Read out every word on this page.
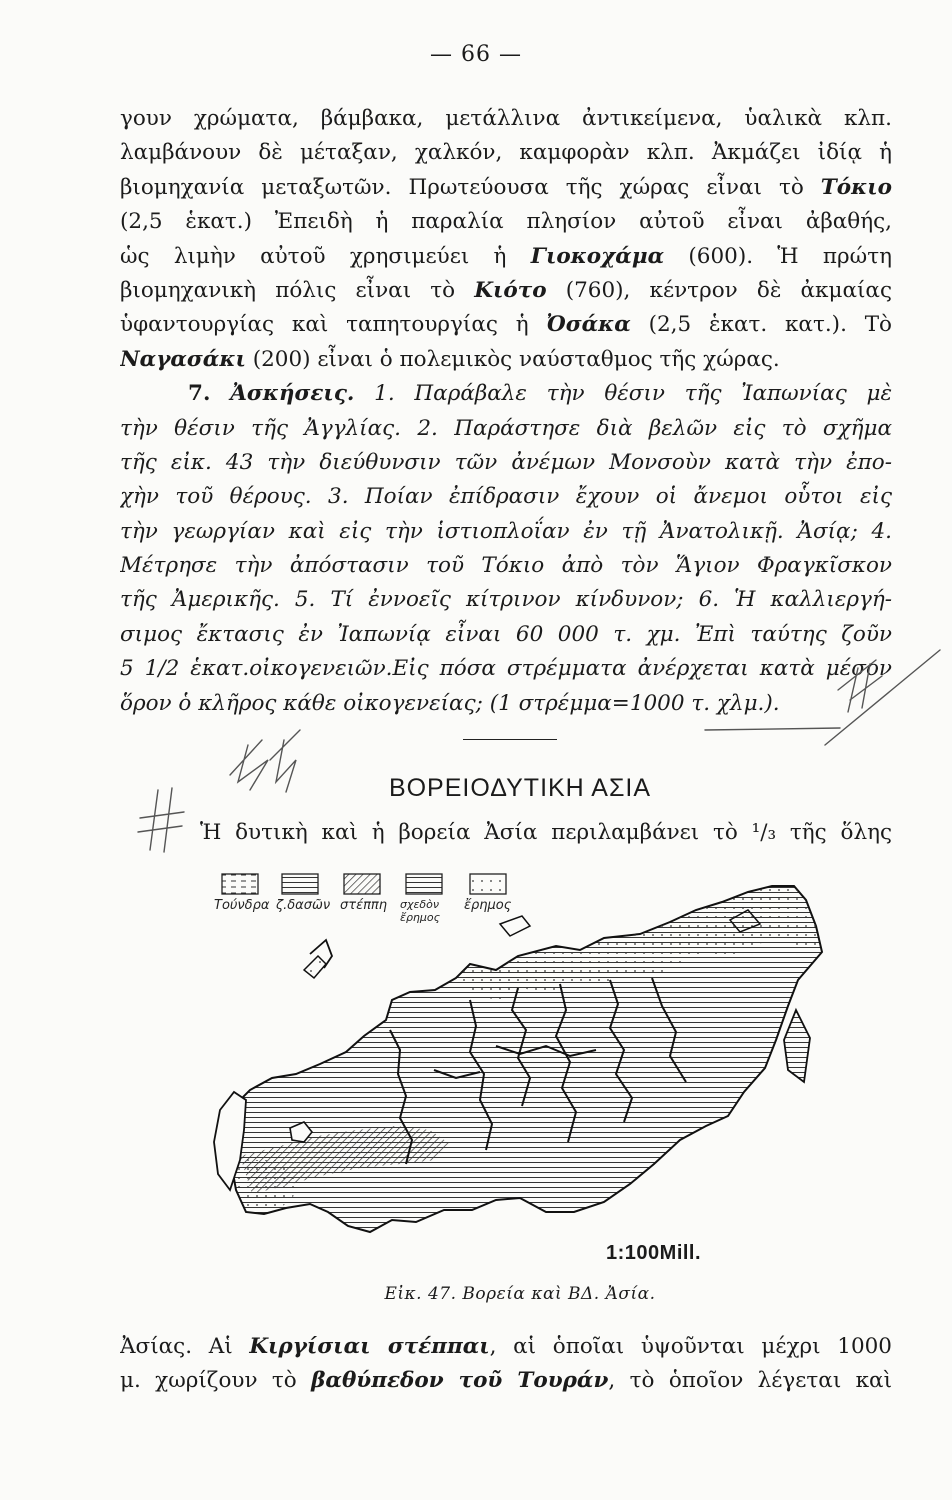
— 66 —
γουν χρώματα, βάμβακα, μετάλλινα ἀντικείμενα, ὑαλικὰ κλπ.
λαμβάνουν δὲ μέταξαν, χαλκόν, καμφορὰν κλπ. Ἀκμάζει ἰδίᾳ ἡ
βιομηχανία μεταξωτῶν. Πρωτεύουσα τῆς χώρας εἶναι τὸ Τόκιο
(2,5 ἑκατ.) Ἐπειδὴ ἡ παραλία πλησίον αὐτοῦ εἶναι ἀβαθής,
ὡς λιμὴν αὐτοῦ χρησιμεύει ἡ Γιοκοχάμα (600). Ἡ πρώτη
βιομηχανικὴ πόλις εἶναι τὸ Κιότο (760), κέντρον δὲ ἀκμαίας
ὑφαντουργίας καὶ ταπητουργίας ἡ Ὀσάκα (2,5 ἑκατ. κατ.). Τὸ
Ναγασάκι (200) εἶναι ὁ πολεμικὸς ναύσταθμος τῆς χώρας.
7. Ἀσκήσεις. 1. Παράβαλε τὴν θέσιν τῆς Ἰαπωνίας μὲ
τὴν θέσιν τῆς Ἀγγλίας. 2. Παράστησε διὰ βελῶν εἰς τὸ σχῆμα
τῆς εἰκ. 43 τὴν διεύθυνσιν τῶν ἀνέμων Μονσοὺν κατὰ τὴν ἐπο-
χὴν τοῦ θέρους. 3. Ποίαν ἐπίδρασιν ἔχουν οἱ ἄνεμοι οὗτοι εἰς
τὴν γεωργίαν καὶ εἰς τὴν ἱστιοπλοΐαν ἐν τῇ Ἀνατολικῇ. Ἀσίᾳ; 4.
Μέτρησε τὴν ἀπόστασιν τοῦ Τόκιο ἀπὸ τὸν Ἅγιον Φραγκῖσκον
τῆς Ἀμερικῆς. 5. Τί ἐννοεῖς κίτρινον κίνδυνον; 6. Ἡ καλλιεργή-
σιμος ἔκτασις ἐν Ἰαπωνίᾳ εἶναι 60 000 τ. χμ. Ἐπὶ ταύτης ζοῦν
5 1/2 ἑκατ.οἰκογενειῶν.Εἰς πόσα στρέμματα ἀνέρχεται κατὰ μέσον
ὅρον ὁ κλῆρος κάθε οἰκογενείας; (1 στρέμμα=1000 τ. χλμ.).
ΒΟΡΕΙΟΔΥΤΙΚΗ ΑΣΙΑ
Ἡ δυτικὴ καὶ ἡ βορεία Ἀσία περιλαμβάνει τὸ ¹/₃ τῆς ὅλης
Τούνδρα ζ.δασῶν στέππη σχεδὸν ἔρημος
ἔρημος
1:100Mill.
Εἰκ. 47. Βορεία καὶ ΒΔ. Ἀσία.
Ἀσίας. Αἱ Κιργίσιαι στέππαι, αἱ ὁποῖαι ὑψοῦνται μέχρι 1000
μ. χωρίζουν τὸ βαθύπεδον τοῦ Τουράν, τὸ ὁποῖον λέγεται καὶ
